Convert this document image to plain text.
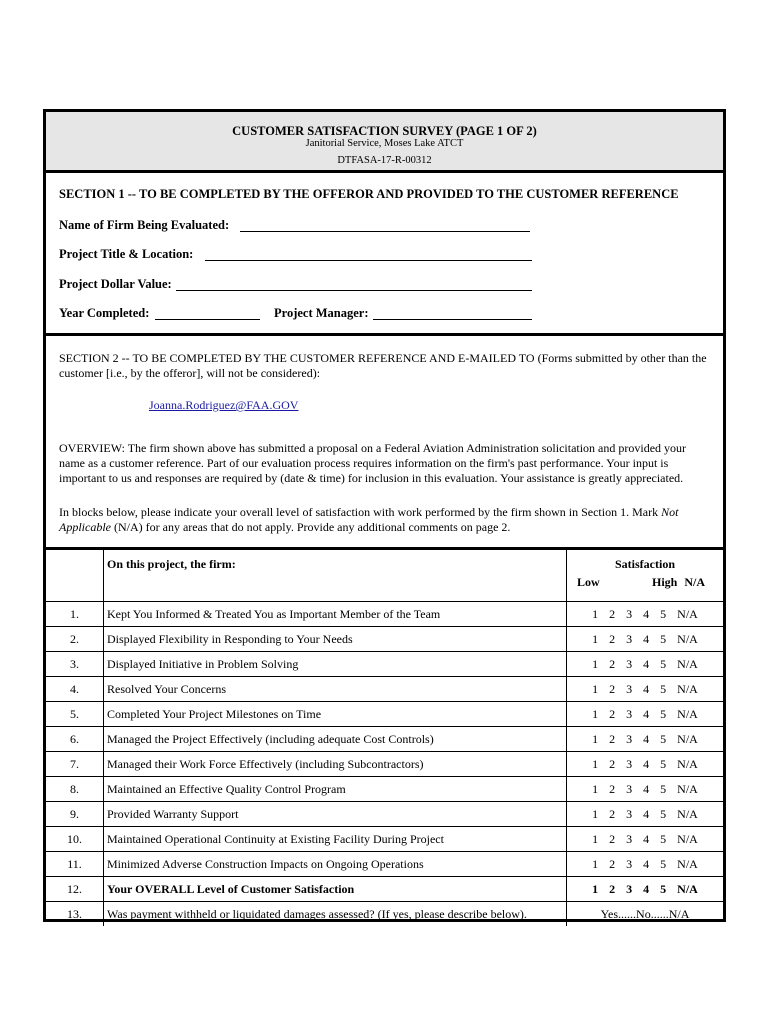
CUSTOMER SATISFACTION SURVEY (PAGE 1 OF 2)
Janitorial Service, Moses Lake ATCT
DTFASA-17-R-00312
SECTION 1 -- TO BE COMPLETED BY THE OFFEROR AND PROVIDED TO THE CUSTOMER REFERENCE
Name of Firm Being Evaluated:
Project Title & Location:
Project Dollar Value:
Year Completed:	Project Manager:
SECTION 2 -- TO BE COMPLETED BY THE CUSTOMER REFERENCE AND E-MAILED TO (Forms submitted by other than the customer [i.e., by the offeror], will not be considered):
Joanna.Rodriguez@FAA.GOV
OVERVIEW: The firm shown above has submitted a proposal on a Federal Aviation Administration solicitation and provided your name as a customer reference. Part of our evaluation process requires information on the firm's past performance. Your input is important to us and responses are required by (date & time) for inclusion in this evaluation. Your assistance is greatly appreciated.
In blocks below, please indicate your overall level of satisfaction with work performed by the firm shown in Section 1. Mark Not Applicable (N/A) for any areas that do not apply. Provide any additional comments on page 2.
	On this project, the firm:	Satisfaction
Low High N/A

1.	Kept You Informed & Treated You as Important Member of the Team	1 2 3 4 5 N/A
2.	Displayed Flexibility in Responding to Your Needs	1 2 3 4 5 N/A
3.	Displayed Initiative in Problem Solving	1 2 3 4 5 N/A
4.	Resolved Your Concerns	1 2 3 4 5 N/A
5.	Completed Your Project Milestones on Time	1 2 3 4 5 N/A
6.	Managed the Project Effectively (including adequate Cost Controls)	1 2 3 4 5 N/A
7.	Managed their Work Force Effectively (including Subcontractors)	1 2 3 4 5 N/A
8.	Maintained an Effective Quality Control Program	1 2 3 4 5 N/A
9.	Provided Warranty Support	1 2 3 4 5 N/A
10.	Maintained Operational Continuity at Existing Facility During Project	1 2 3 4 5 N/A
11.	Minimized Adverse Construction Impacts on Ongoing Operations	1 2 3 4 5 N/A
12.	Your OVERALL Level of Customer Satisfaction	1 2 3 4 5 N/A
13.	Was payment withheld or liquidated damages assessed? (If yes, please describe below).	Yes......No......N/A
